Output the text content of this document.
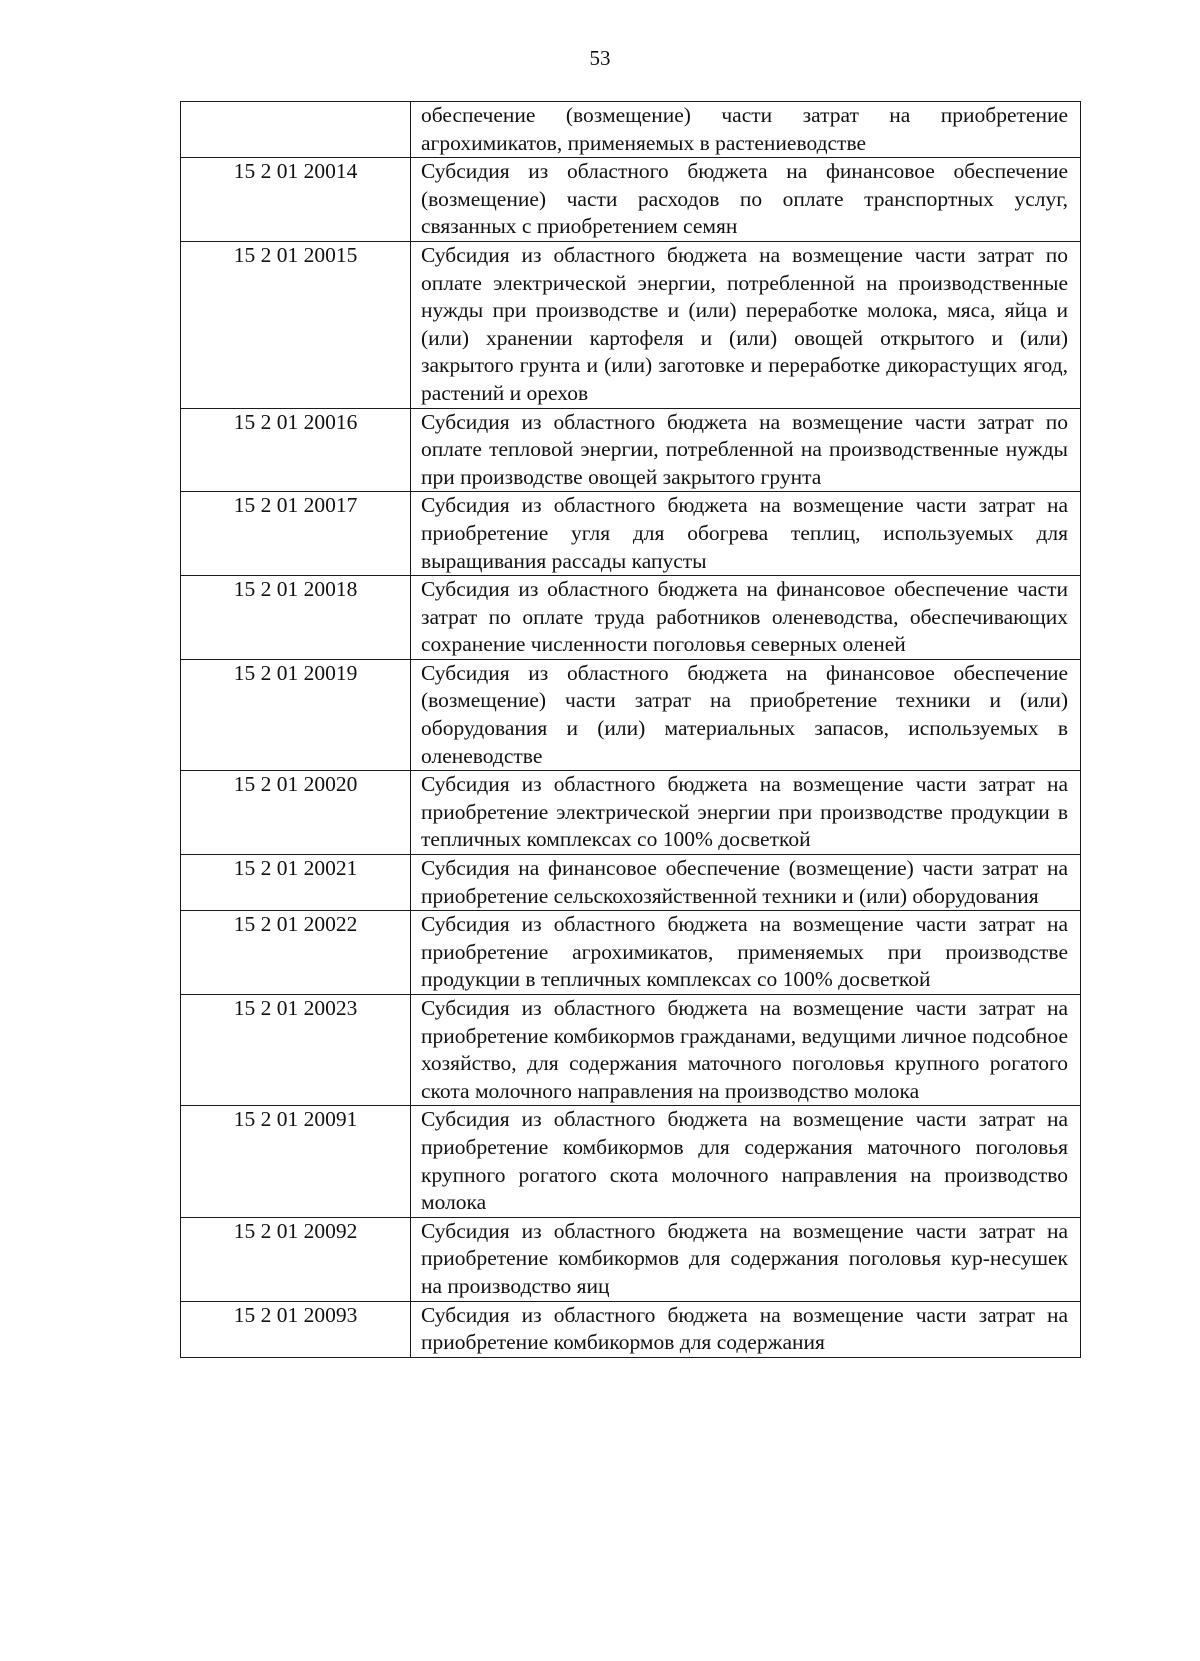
53
	обеспечение (возмещение) части затрат на приобретение агрохимикатов, применяемых в растениеводстве
15 2 01 20014	Субсидия из областного бюджета на финансовое обеспечение (возмещение) части расходов по оплате транспортных услуг, связанных с приобретением семян
15 2 01 20015	Субсидия из областного бюджета на возмещение части затрат по оплате электрической энергии, потребленной на производственные нужды при производстве и (или) переработке молока, мяса, яйца и (или) хранении картофеля и (или) овощей открытого и (или) закрытого грунта и (или) заготовке и переработке дикорастущих ягод, растений и орехов
15 2 01 20016	Субсидия из областного бюджета на возмещение части затрат по оплате тепловой энергии, потребленной на производственные нужды при производстве овощей закрытого грунта
15 2 01 20017	Субсидия из областного бюджета на возмещение части затрат на приобретение угля для обогрева теплиц, используемых для выращивания рассады капусты
15 2 01 20018	Субсидия из областного бюджета на финансовое обеспечение части затрат по оплате труда работников оленеводства, обеспечивающих сохранение численности поголовья северных оленей
15 2 01 20019	Субсидия из областного бюджета на финансовое обеспечение (возмещение) части затрат на приобретение техники и (или) оборудования и (или) материальных запасов, используемых в оленеводстве
15 2 01 20020	Субсидия из областного бюджета на возмещение части затрат на приобретение электрической энергии при производстве продукции в тепличных комплексах со 100% досветкой
15 2 01 20021	Субсидия на финансовое обеспечение (возмещение) части затрат на приобретение сельскохозяйственной техники и (или) оборудования
15 2 01 20022	Субсидия из областного бюджета на возмещение части затрат на приобретение агрохимикатов, применяемых при производстве продукции в тепличных комплексах со 100% досветкой
15 2 01 20023	Субсидия из областного бюджета на возмещение части затрат на приобретение комбикормов гражданами, ведущими личное подсобное хозяйство, для содержания маточного поголовья крупного рогатого скота молочного направления на производство молока
15 2 01 20091	Субсидия из областного бюджета на возмещение части затрат на приобретение комбикормов для содержания маточного поголовья крупного рогатого скота молочного направления на производство молока
15 2 01 20092	Субсидия из областного бюджета на возмещение части затрат на приобретение комбикормов для содержания поголовья кур-несушек на производство яиц
15 2 01 20093	Субсидия из областного бюджета на возмещение части затрат на приобретение комбикормов для содержания
